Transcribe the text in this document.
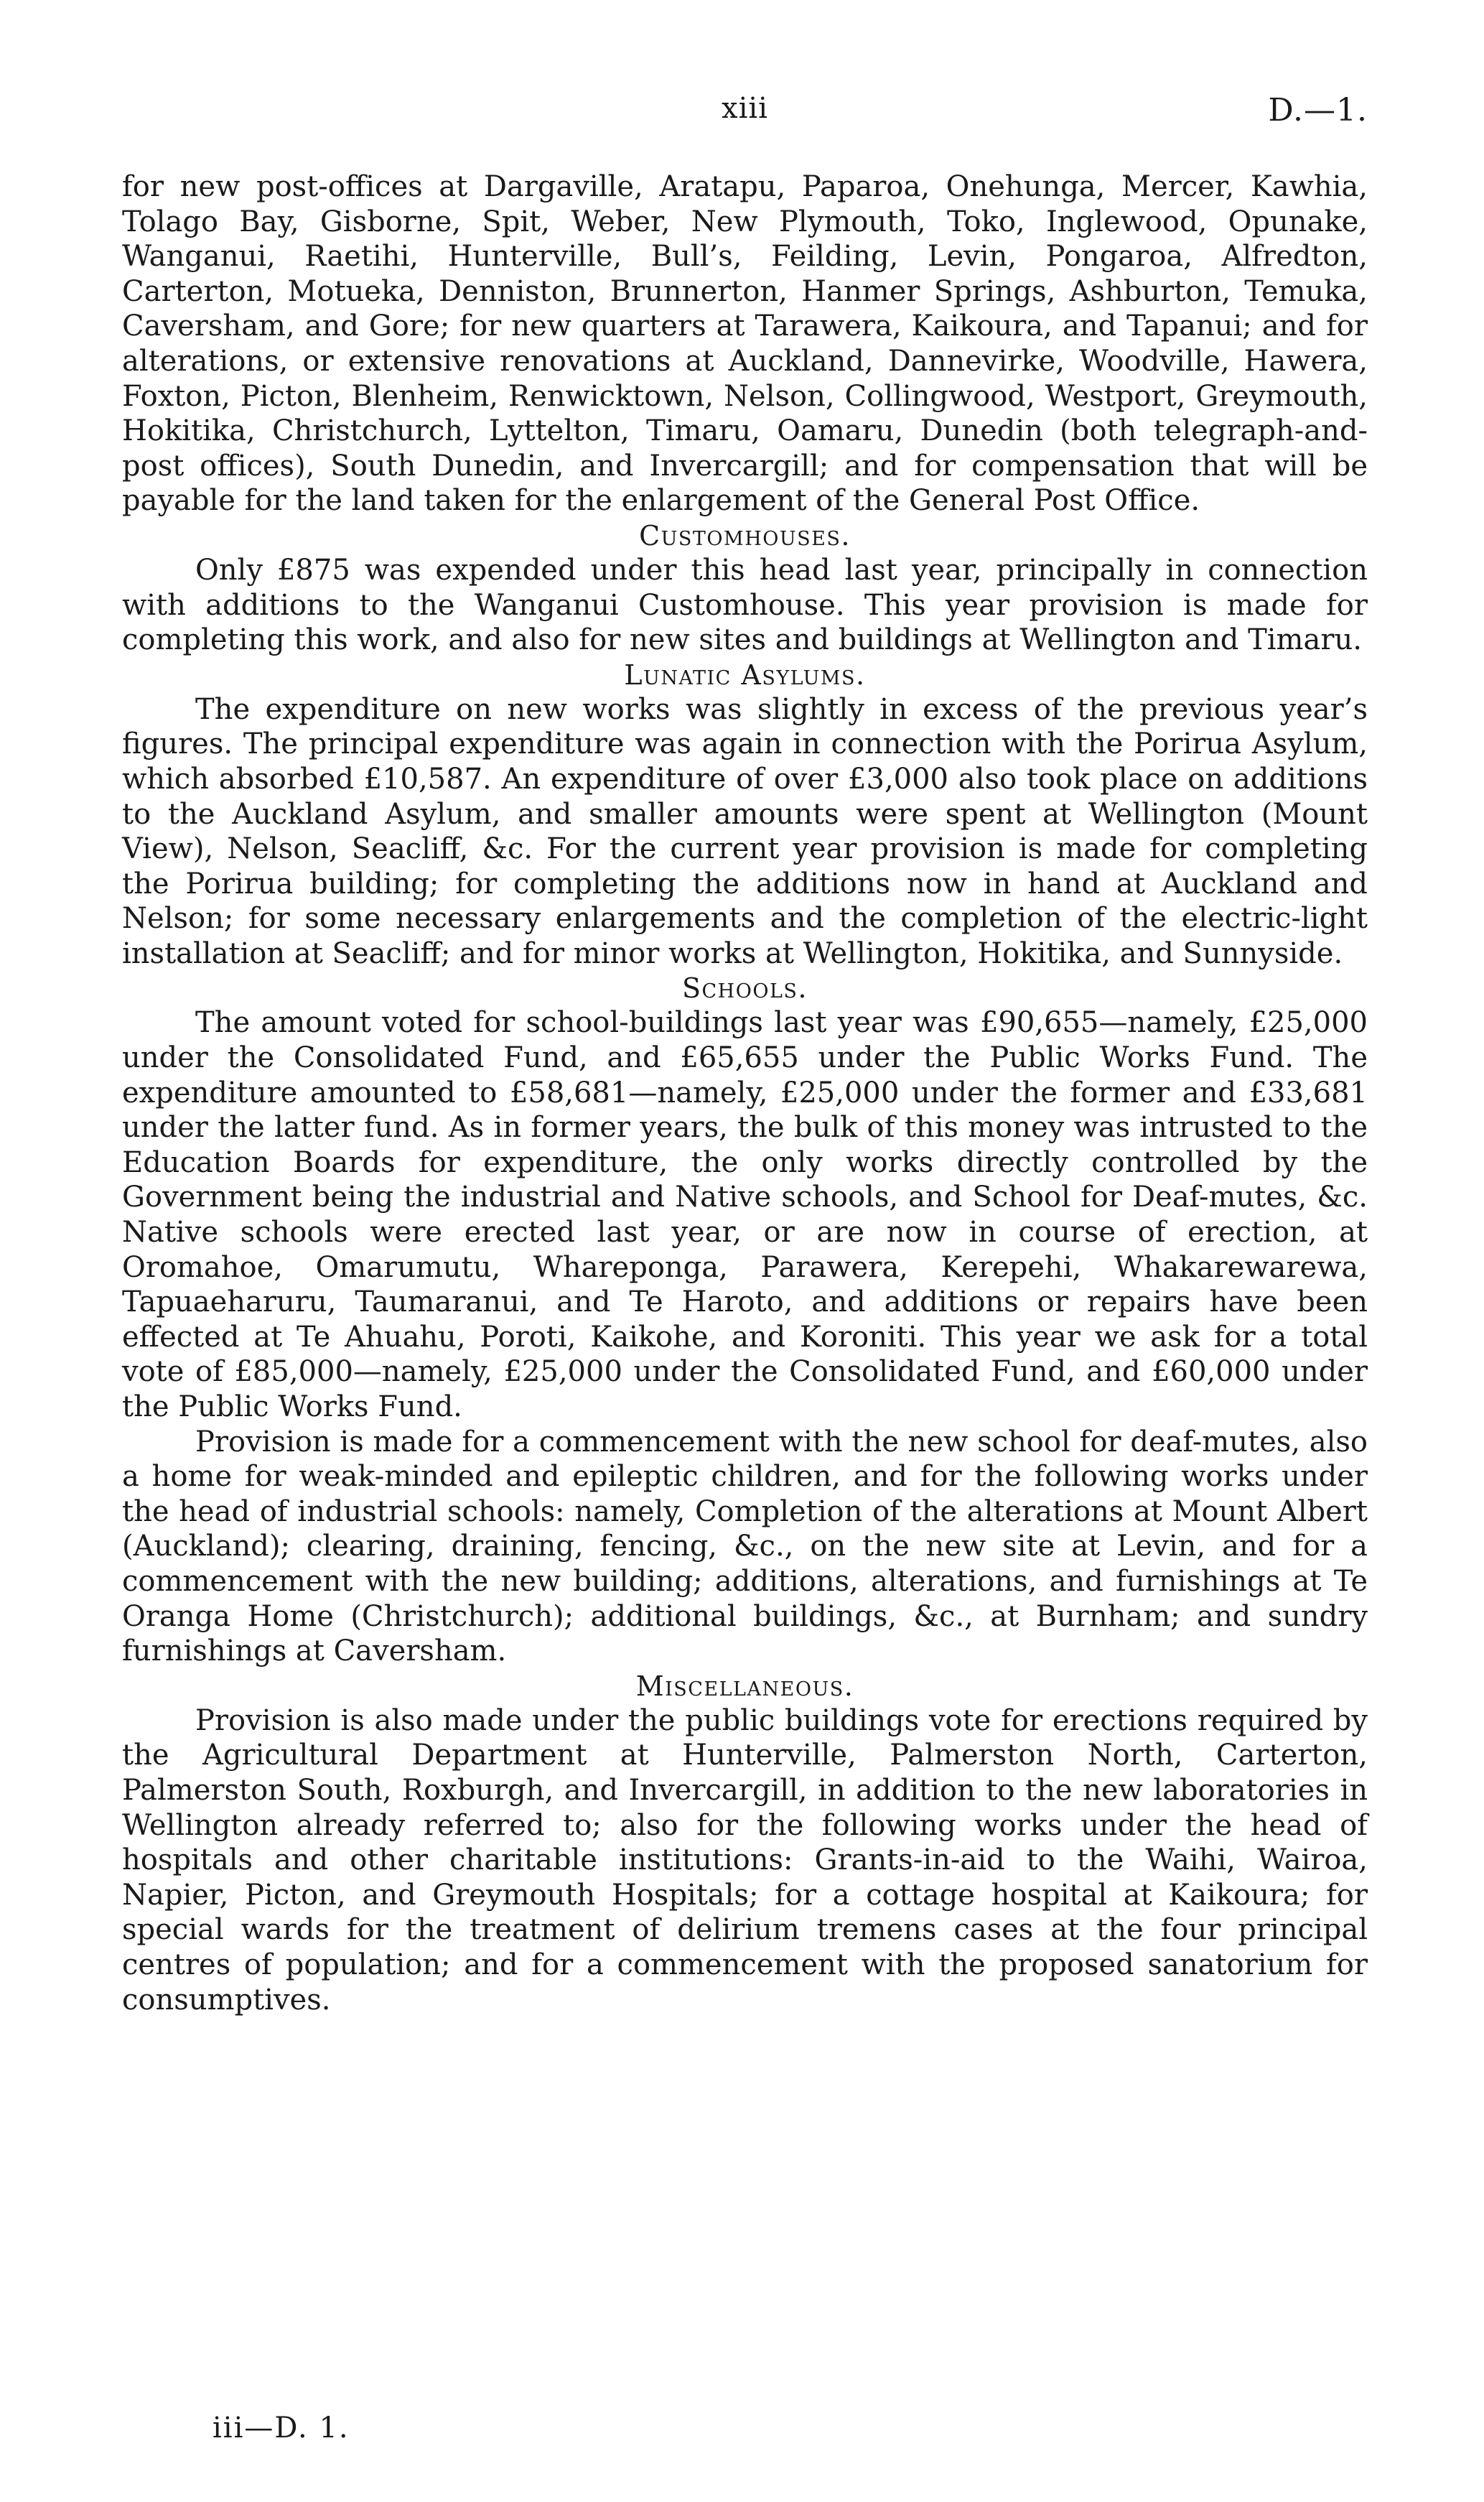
xiii	D.—1.

for new post-offices at Dargaville, Aratapu, Paparoa, Onehunga, Mercer, Kawhia, Tolago Bay, Gisborne, Spit, Weber, New Plymouth, Toko, Inglewood, Opunake, Wanganui, Raetihi, Hunterville, Bull’s, Feilding, Levin, Pongaroa, Alfredton, Carterton, Motueka, Denniston, Brunnerton, Hanmer Springs, Ashburton, Temuka, Caversham, and Gore; for new quarters at Tarawera, Kaikoura, and Tapanui; and for alterations, or extensive renovations at Auckland, Dannevirke, Woodville, Hawera, Foxton, Picton, Blenheim, Renwicktown, Nelson, Collingwood, Westport, Greymouth, Hokitika, Christchurch, Lyttelton, Timaru, Oamaru, Dunedin (both telegraph-and-post offices), South Dunedin, and Invercargill; and for compensation that will be payable for the land taken for the enlargement of the General Post Office.

Customhouses.

Only £875 was expended under this head last year, principally in connection with additions to the Wanganui Customhouse. This year provision is made for completing this work, and also for new sites and buildings at Wellington and Timaru.

Lunatic Asylums.

The expenditure on new works was slightly in excess of the previous year’s figures. The principal expenditure was again in connection with the Porirua Asylum, which absorbed £10,587. An expenditure of over £3,000 also took place on additions to the Auckland Asylum, and smaller amounts were spent at Wellington (Mount View), Nelson, Seacliff, &c. For the current year provision is made for completing the Porirua building; for completing the additions now in hand at Auckland and Nelson; for some necessary enlargements and the completion of the electric-light installation at Seacliff; and for minor works at Wellington, Hokitika, and Sunnyside.

Schools.

The amount voted for school-buildings last year was £90,655—namely, £25,000 under the Consolidated Fund, and £65,655 under the Public Works Fund. The expenditure amounted to £58,681—namely, £25,000 under the former and £33,681 under the latter fund. As in former years, the bulk of this money was intrusted to the Education Boards for expenditure, the only works directly controlled by the Government being the industrial and Native schools, and School for Deaf-mutes, &c. Native schools were erected last year, or are now in course of erection, at Oromahoe, Omarumutu, Whareponga, Parawera, Kerepehi, Whakarewarewa, Tapuaeharuru, Taumaranui, and Te Haroto, and additions or repairs have been effected at Te Ahuahu, Poroti, Kaikohe, and Koroniti. This year we ask for a total vote of £85,000—namely, £25,000 under the Consolidated Fund, and £60,000 under the Public Works Fund.

Provision is made for a commencement with the new school for deaf-mutes, also a home for weak-minded and epileptic children, and for the following works under the head of industrial schools: namely, Completion of the alterations at Mount Albert (Auckland); clearing, draining, fencing, &c., on the new site at Levin, and for a commencement with the new building; additions, alterations, and furnishings at Te Oranga Home (Christchurch); additional buildings, &c., at Burnham; and sundry furnishings at Caversham.

Miscellaneous.

Provision is also made under the public buildings vote for erections required by the Agricultural Department at Hunterville, Palmerston North, Carterton, Palmerston South, Roxburgh, and Invercargill, in addition to the new laboratories in Wellington already referred to; also for the following works under the head of hospitals and other charitable institutions: Grants-in-aid to the Waihi, Wairoa, Napier, Picton, and Greymouth Hospitals; for a cottage hospital at Kaikoura; for special wards for the treatment of delirium tremens cases at the four principal centres of population; and for a commencement with the proposed sanatorium for consumptives.

iii—D. 1.
